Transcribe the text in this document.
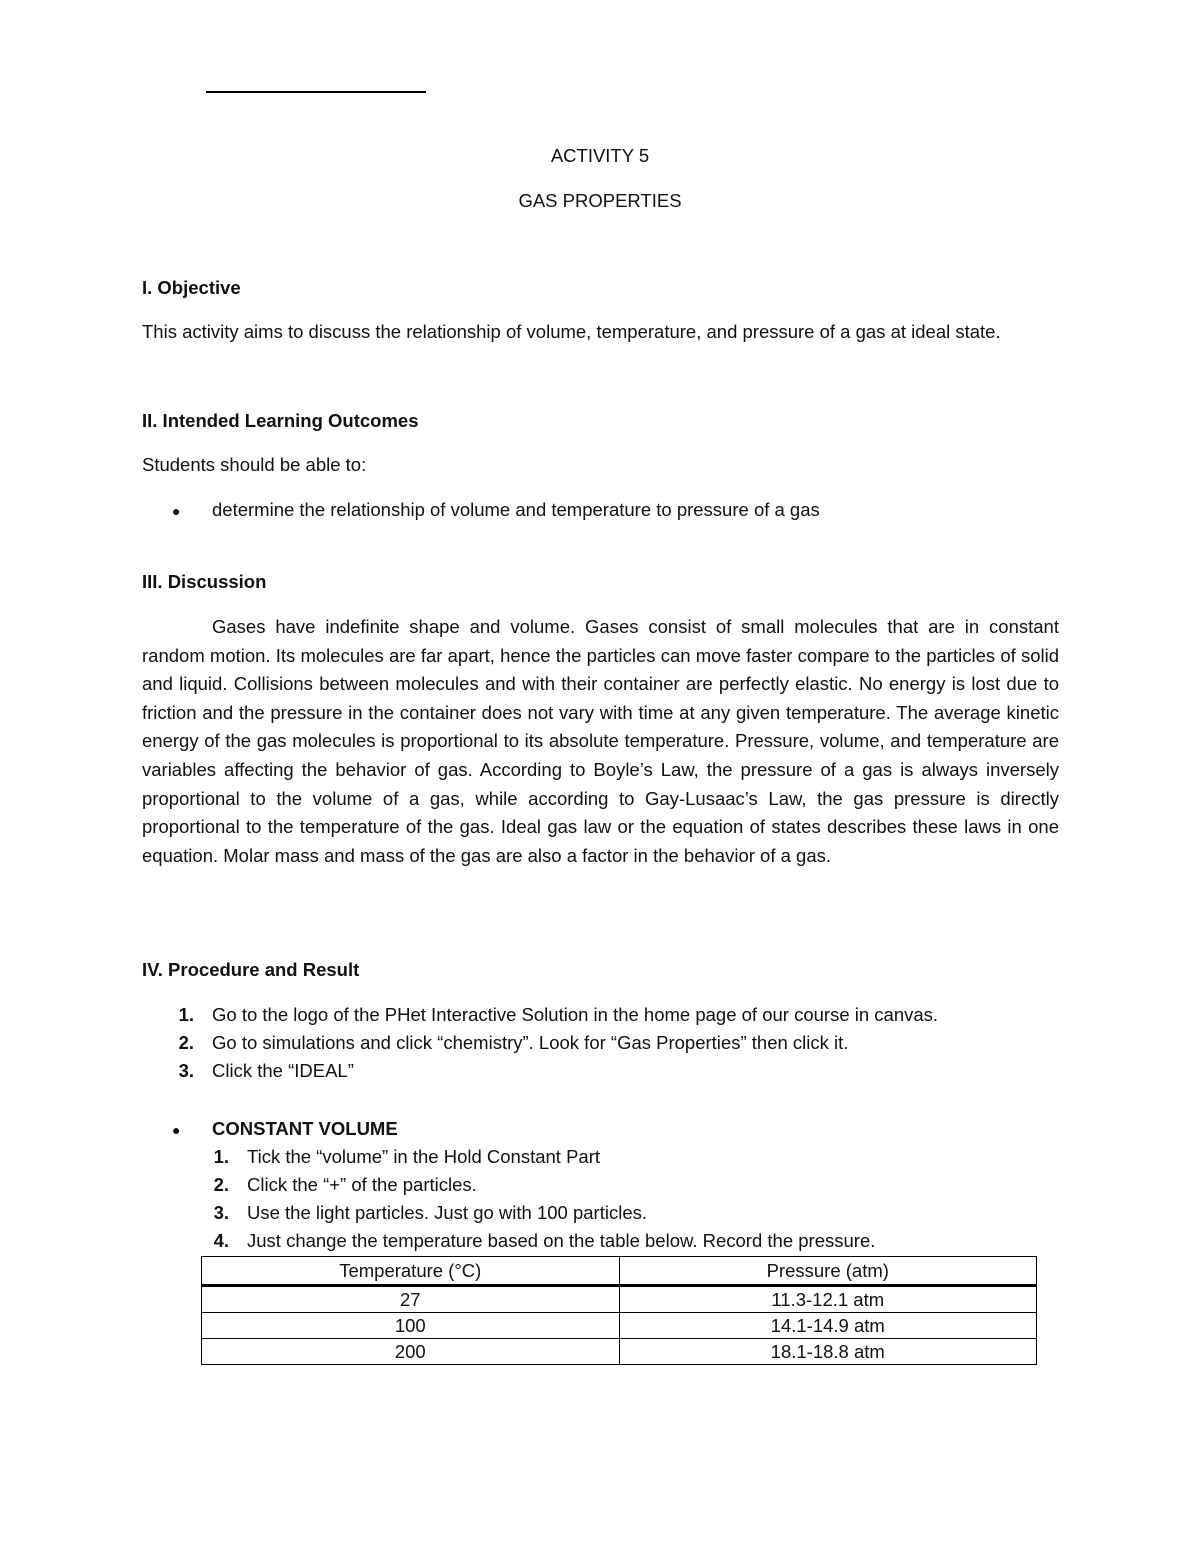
ACTIVITY 5
GAS PROPERTIES
I. Objective
This activity aims to discuss the relationship of volume, temperature, and pressure of a gas at ideal state.
II. Intended Learning Outcomes
Students should be able to:
● determine the relationship of volume and temperature to pressure of a gas
III. Discussion

Gases have indefinite shape and volume. Gases consist of small molecules that are in constant random motion. Its molecules are far apart, hence the particles can move faster compare to the particles of solid and liquid. Collisions between molecules and with their container are perfectly elastic. No energy is lost due to friction and the pressure in the container does not vary with time at any given temperature. The average kinetic energy of the gas molecules is proportional to its absolute temperature. Pressure, volume, and temperature are variables affecting the behavior of gas. According to Boyle’s Law, the pressure of a gas is always inversely proportional to the volume of a gas, while according to Gay-Lusaac’s Law, the gas pressure is directly proportional to the temperature of the gas. Ideal gas law or the equation of states describes these laws in one equation. Molar mass and mass of the gas are also a factor in the behavior of a gas.

IV. Procedure and Result
1. Go to the logo of the PHet Interactive Solution in the home page of our course in canvas.
2. Go to simulations and click “chemistry”. Look for “Gas Properties” then click it.
3. Click the “IDEAL”
● CONSTANT VOLUME
1. Tick the “volume” in the Hold Constant Part
2. Click the “+” of the particles.
3. Use the light particles. Just go with 100 particles.
4. Just change the temperature based on the table below. Record the pressure.
Temperature (°C)	Pressure (atm)
27	11.3-12.1 atm
100	14.1-14.9 atm
200	18.1-18.8 atm
